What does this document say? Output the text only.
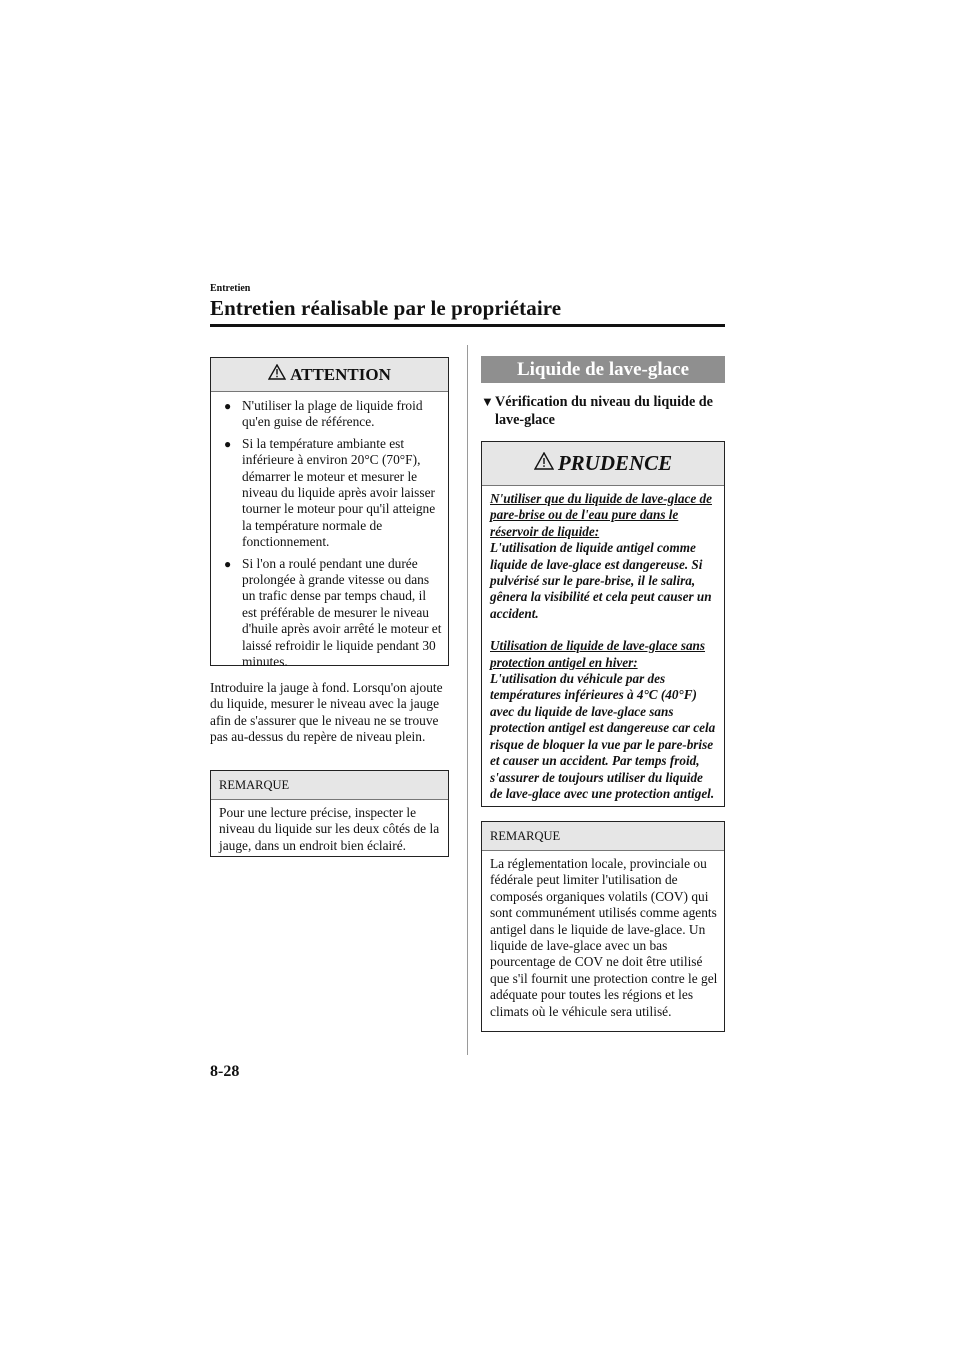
Entretien
Entretien réalisable par le propriétaire
ATTENTION
● N'utiliser la plage de liquide froid qu'en guise de référence.
● Si la température ambiante est inférieure à environ 20°C (70°F), démarrer le moteur et mesurer le niveau du liquide après avoir laisser tourner le moteur pour qu'il atteigne la température normale de fonctionnement.
● Si l'on a roulé pendant une durée prolongée à grande vitesse ou dans un trafic dense par temps chaud, il est préférable de mesurer le niveau d'huile après avoir arrêté le moteur et laissé refroidir le liquide pendant 30 minutes.
Introduire la jauge à fond. Lorsqu'on ajoute du liquide, mesurer le niveau avec la jauge afin de s'assurer que le niveau ne se trouve pas au-dessus du repère de niveau plein.
REMARQUE
Pour une lecture précise, inspecter le niveau du liquide sur les deux côtés de la jauge, dans un endroit bien éclairé.
Liquide de lave-glace
▼ Vérification du niveau du liquide de lave-glace
PRUDENCE
N'utiliser que du liquide de lave-glace de pare-brise ou de l'eau pure dans le réservoir de liquide:
L'utilisation de liquide antigel comme liquide de lave-glace est dangereuse. Si pulvérisé sur le pare-brise, il le salira, gênera la visibilité et cela peut causer un accident.
Utilisation de liquide de lave-glace sans protection antigel en hiver:
L'utilisation du véhicule par des températures inférieures à 4°C (40°F) avec du liquide de lave-glace sans protection antigel est dangereuse car cela risque de bloquer la vue par le pare-brise et causer un accident. Par temps froid, s'assurer de toujours utiliser du liquide de lave-glace avec une protection antigel.
REMARQUE
La réglementation locale, provinciale ou fédérale peut limiter l'utilisation de composés organiques volatils (COV) qui sont communément utilisés comme agents antigel dans le liquide de lave-glace. Un liquide de lave-glace avec un bas pourcentage de COV ne doit être utilisé que s'il fournit une protection contre le gel adéquate pour toutes les régions et les climats où le véhicule sera utilisé.
8-28
